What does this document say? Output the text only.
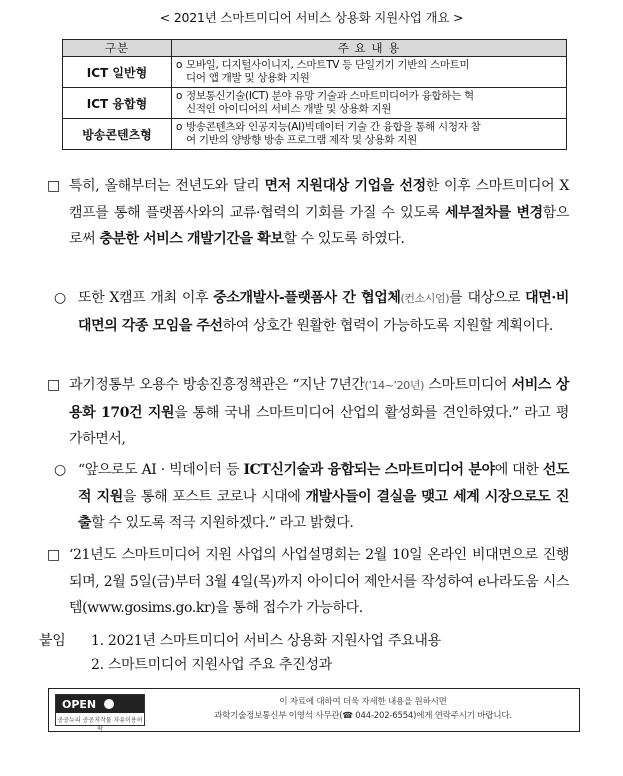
< 2021년 스마트미디어 서비스 상용화 지원사업 개요 >
구분	주 요 내 용
ICT 일반형	o 모바일, 디지털사이니지, 스마트TV 등 단일기기 기반의 스마트미
디어 앱 개발 및 상용화 지원

ICT 융합형	o 정보통신기술(ICT) 분야 유망 기술과 스마트미디어가 융합하는 혁
신적인 아이디어의 서비스 개발 및 상용화 지원

방송콘텐츠형	o 방송콘텐츠와 인공지능(AI)빅데이터 기술 간 융합을 통해 시청자 참
여 기반의 양방향 방송 프로그램 제작 및 상용화 지원
□ 특히, 올해부터는 전년도와 달리 면저 지원대상 기업을 선정한 이후 스마트미디어 X캠프를 통해 플랫폼사와의 교류·협력의 기회를 가질 수 있도록 세부절차를 변경함으로써 충분한 서비스 개발기간을 확보할 수 있도록 하였다.
○ 또한 X캠프 개최 이후 중소개발사-플랫폼사 간 협업체(컨소시엄)를 대상으로 대면·비대면의 각종 모임을 주선하여 상호간 원활한 협력이 가능하도록 지원할 계획이다.
□ 과기정통부 오용수 방송진흥정책관은 “지난 7년간(’14~’20년) 스마트미디어 서비스 상용화 170건 지원을 통해 국내 스마트미디어 산업의 활성화를 견인하였다.” 라고 평가하면서,
○ “앞으로도 AI · 빅데이터 등 ICT신기술과 융합되는 스마트미디어 분야에 대한 선도적 지원을 통해 포스트 코로나 시대에 개발사들이 결실을 맺고 세계 시장으로도 진출할 수 있도록 적극 지원하겠다.” 라고 밝혔다.
□ ‘21년도 스마트미디어 지원 사업의 사업설명회는 2월 10일 온라인 비대면으로 진행되며, 2월 5일(금)부터 3월 4일(목)까지 아이디어 제안서를 작성하여 e나라도움 시스템(www.gosims.go.kr)을 통해 접수가 가능하다.
붙임	1. 2021년 스마트미디어 서비스 상용화 지원사업 주요내용
2. 스마트미디어 지원사업 주요 추진성과
OPEN
공공누리 공공저작물 자유이용허락
이 자료에 대하여 더욱 자세한 내용을 원하시면
과학기술정보통신부 이영석 사무관(☎ 044-202-6554)에게 연락주시기 바랍니다.
